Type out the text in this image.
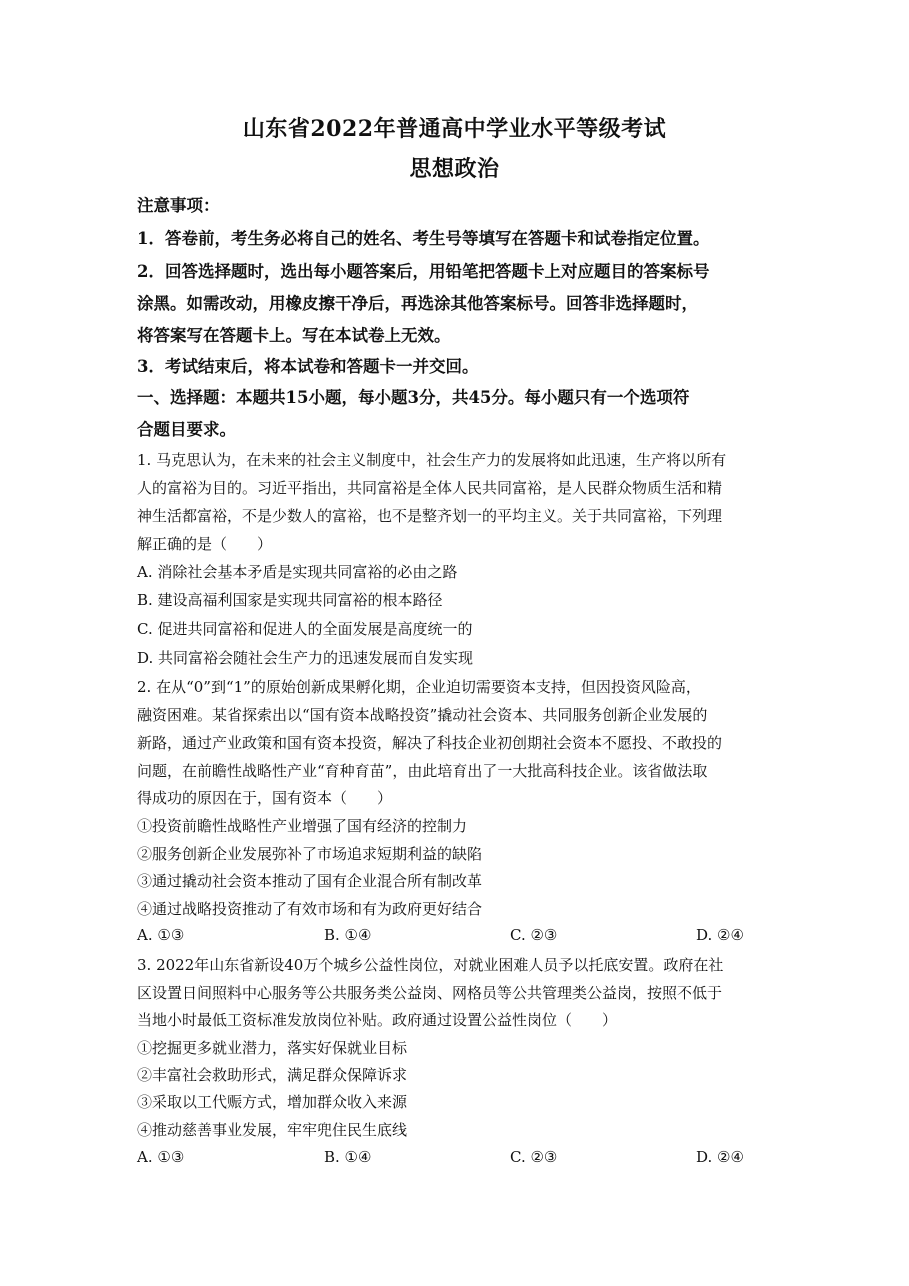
山东省2022年普通高中学业水平等级考试
思想政治
注意事项：
1．答卷前，考生务必将自己的姓名、考生号等填写在答题卡和试卷指定位置。
2．回答选择题时，选出每小题答案后，用铅笔把答题卡上对应题目的答案标号
涂黑。如需改动，用橡皮擦干净后，再选涂其他答案标号。回答非选择题时，
将答案写在答题卡上。写在本试卷上无效。
3．考试结束后，将本试卷和答题卡一并交回。
一、选择题：本题共15小题，每小题3分，共45分。每小题只有一个选项符
合题目要求。
1. 马克思认为，在未来的社会主义制度中，社会生产力的发展将如此迅速，生产将以所有
人的富裕为目的。习近平指出，共同富裕是全体人民共同富裕，是人民群众物质生活和精
神生活都富裕，不是少数人的富裕，也不是整齐划一的平均主义。关于共同富裕，下列理
解正确的是（　　）
A. 消除社会基本矛盾是实现共同富裕的必由之路
B. 建设高福利国家是实现共同富裕的根本路径
C. 促进共同富裕和促进人的全面发展是高度统一的
D. 共同富裕会随社会生产力的迅速发展而自发实现
2. 在从“0”到“1”的原始创新成果孵化期，企业迫切需要资本支持，但因投资风险高，
融资困难。某省探索出以“国有资本战略投资”撬动社会资本、共同服务创新企业发展的
新路，通过产业政策和国有资本投资，解决了科技企业初创期社会资本不愿投、不敢投的
问题，在前瞻性战略性产业“育种育苗”，由此培育出了一大批高科技企业。该省做法取
得成功的原因在于，国有资本（　　）
①投资前瞻性战略性产业增强了国有经济的控制力
②服务创新企业发展弥补了市场追求短期利益的缺陷
③通过撬动社会资本推动了国有企业混合所有制改革
④通过战略投资推动了有效市场和有为政府更好结合
A. ①③	B. ①④	C. ②③	D. ②④
3. 2022年山东省新设40万个城乡公益性岗位，对就业困难人员予以托底安置。政府在社
区设置日间照料中心服务等公共服务类公益岗、网格员等公共管理类公益岗，按照不低于
当地小时最低工资标准发放岗位补贴。政府通过设置公益性岗位（　　）
①挖掘更多就业潜力，落实好保就业目标
②丰富社会救助形式，满足群众保障诉求
③采取以工代赈方式，增加群众收入来源
④推动慈善事业发展，牢牢兜住民生底线
A. ①③	B. ①④	C. ②③	D. ②④
